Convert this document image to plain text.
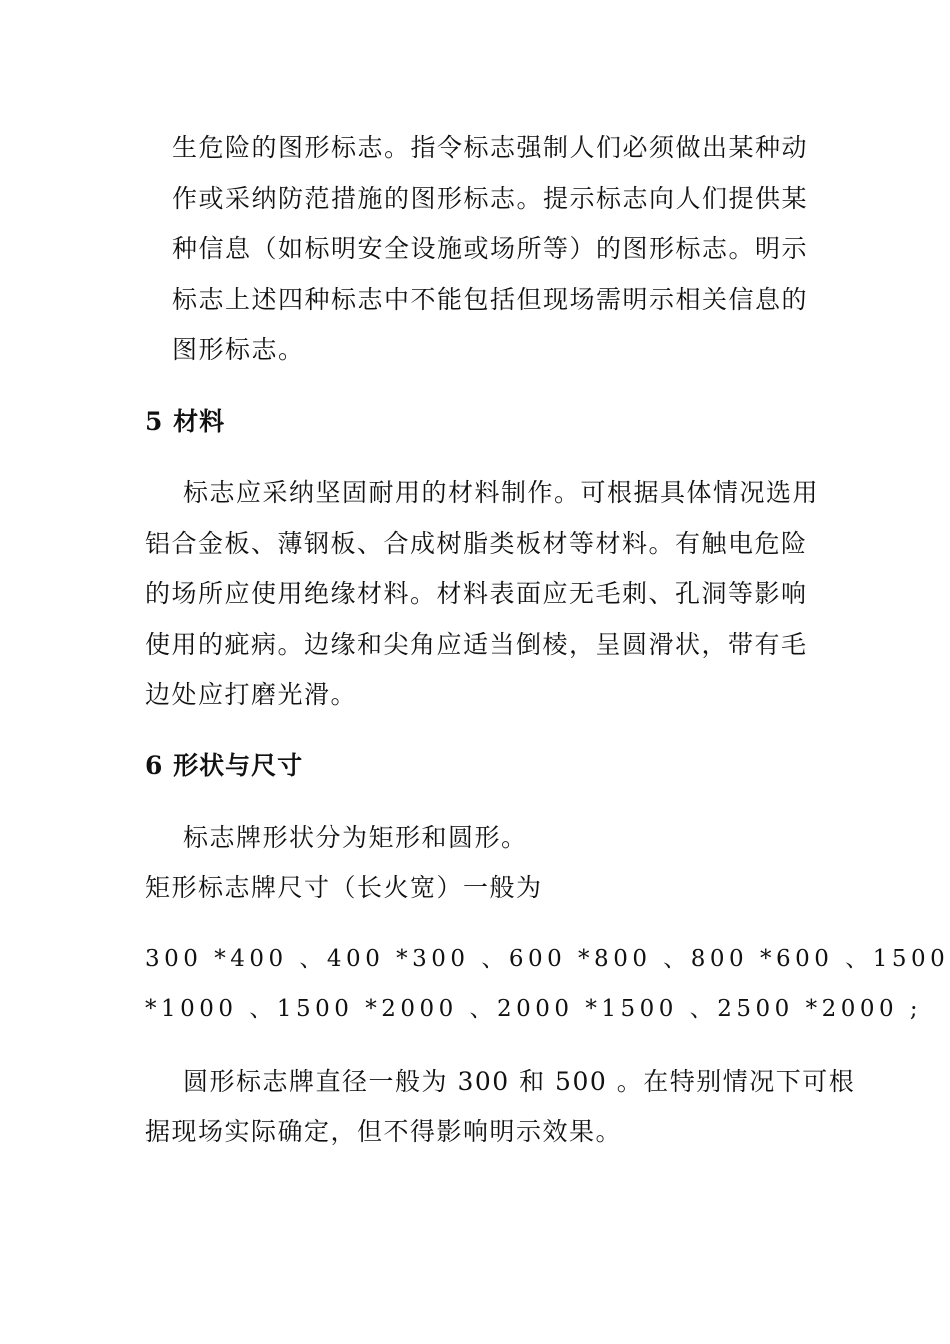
生危险的图形标志。指令标志强制人们必须做出某种动
作或采纳防范措施的图形标志。提示标志向人们提供某
种信息（如标明安全设施或场所等）的图形标志。明示
标志上述四种标志中不能包括但现场需明示相关信息的
图形标志。
5 材料
标志应采纳坚固耐用的材料制作。可根据具体情况选用
铝合金板、薄钢板、合成树脂类板材等材料。有触电危险
的场所应使用绝缘材料。材料表面应无毛刺、孔洞等影响
使用的疵病。边缘和尖角应适当倒棱，呈圆滑状，带有毛
边处应打磨光滑。
6 形状与尺寸
标志牌形状分为矩形和圆形。
矩形标志牌尺寸（长火宽）一般为
300 *400 、400 *300 、600 *800 、800 *600 、1500
*1000 、1500 *2000 、2000 *1500 、2500 *2000 ;
圆形标志牌直径一般为 300 和 500 。在特别情况下可根
据现场实际确定，但不得影响明示效果。
